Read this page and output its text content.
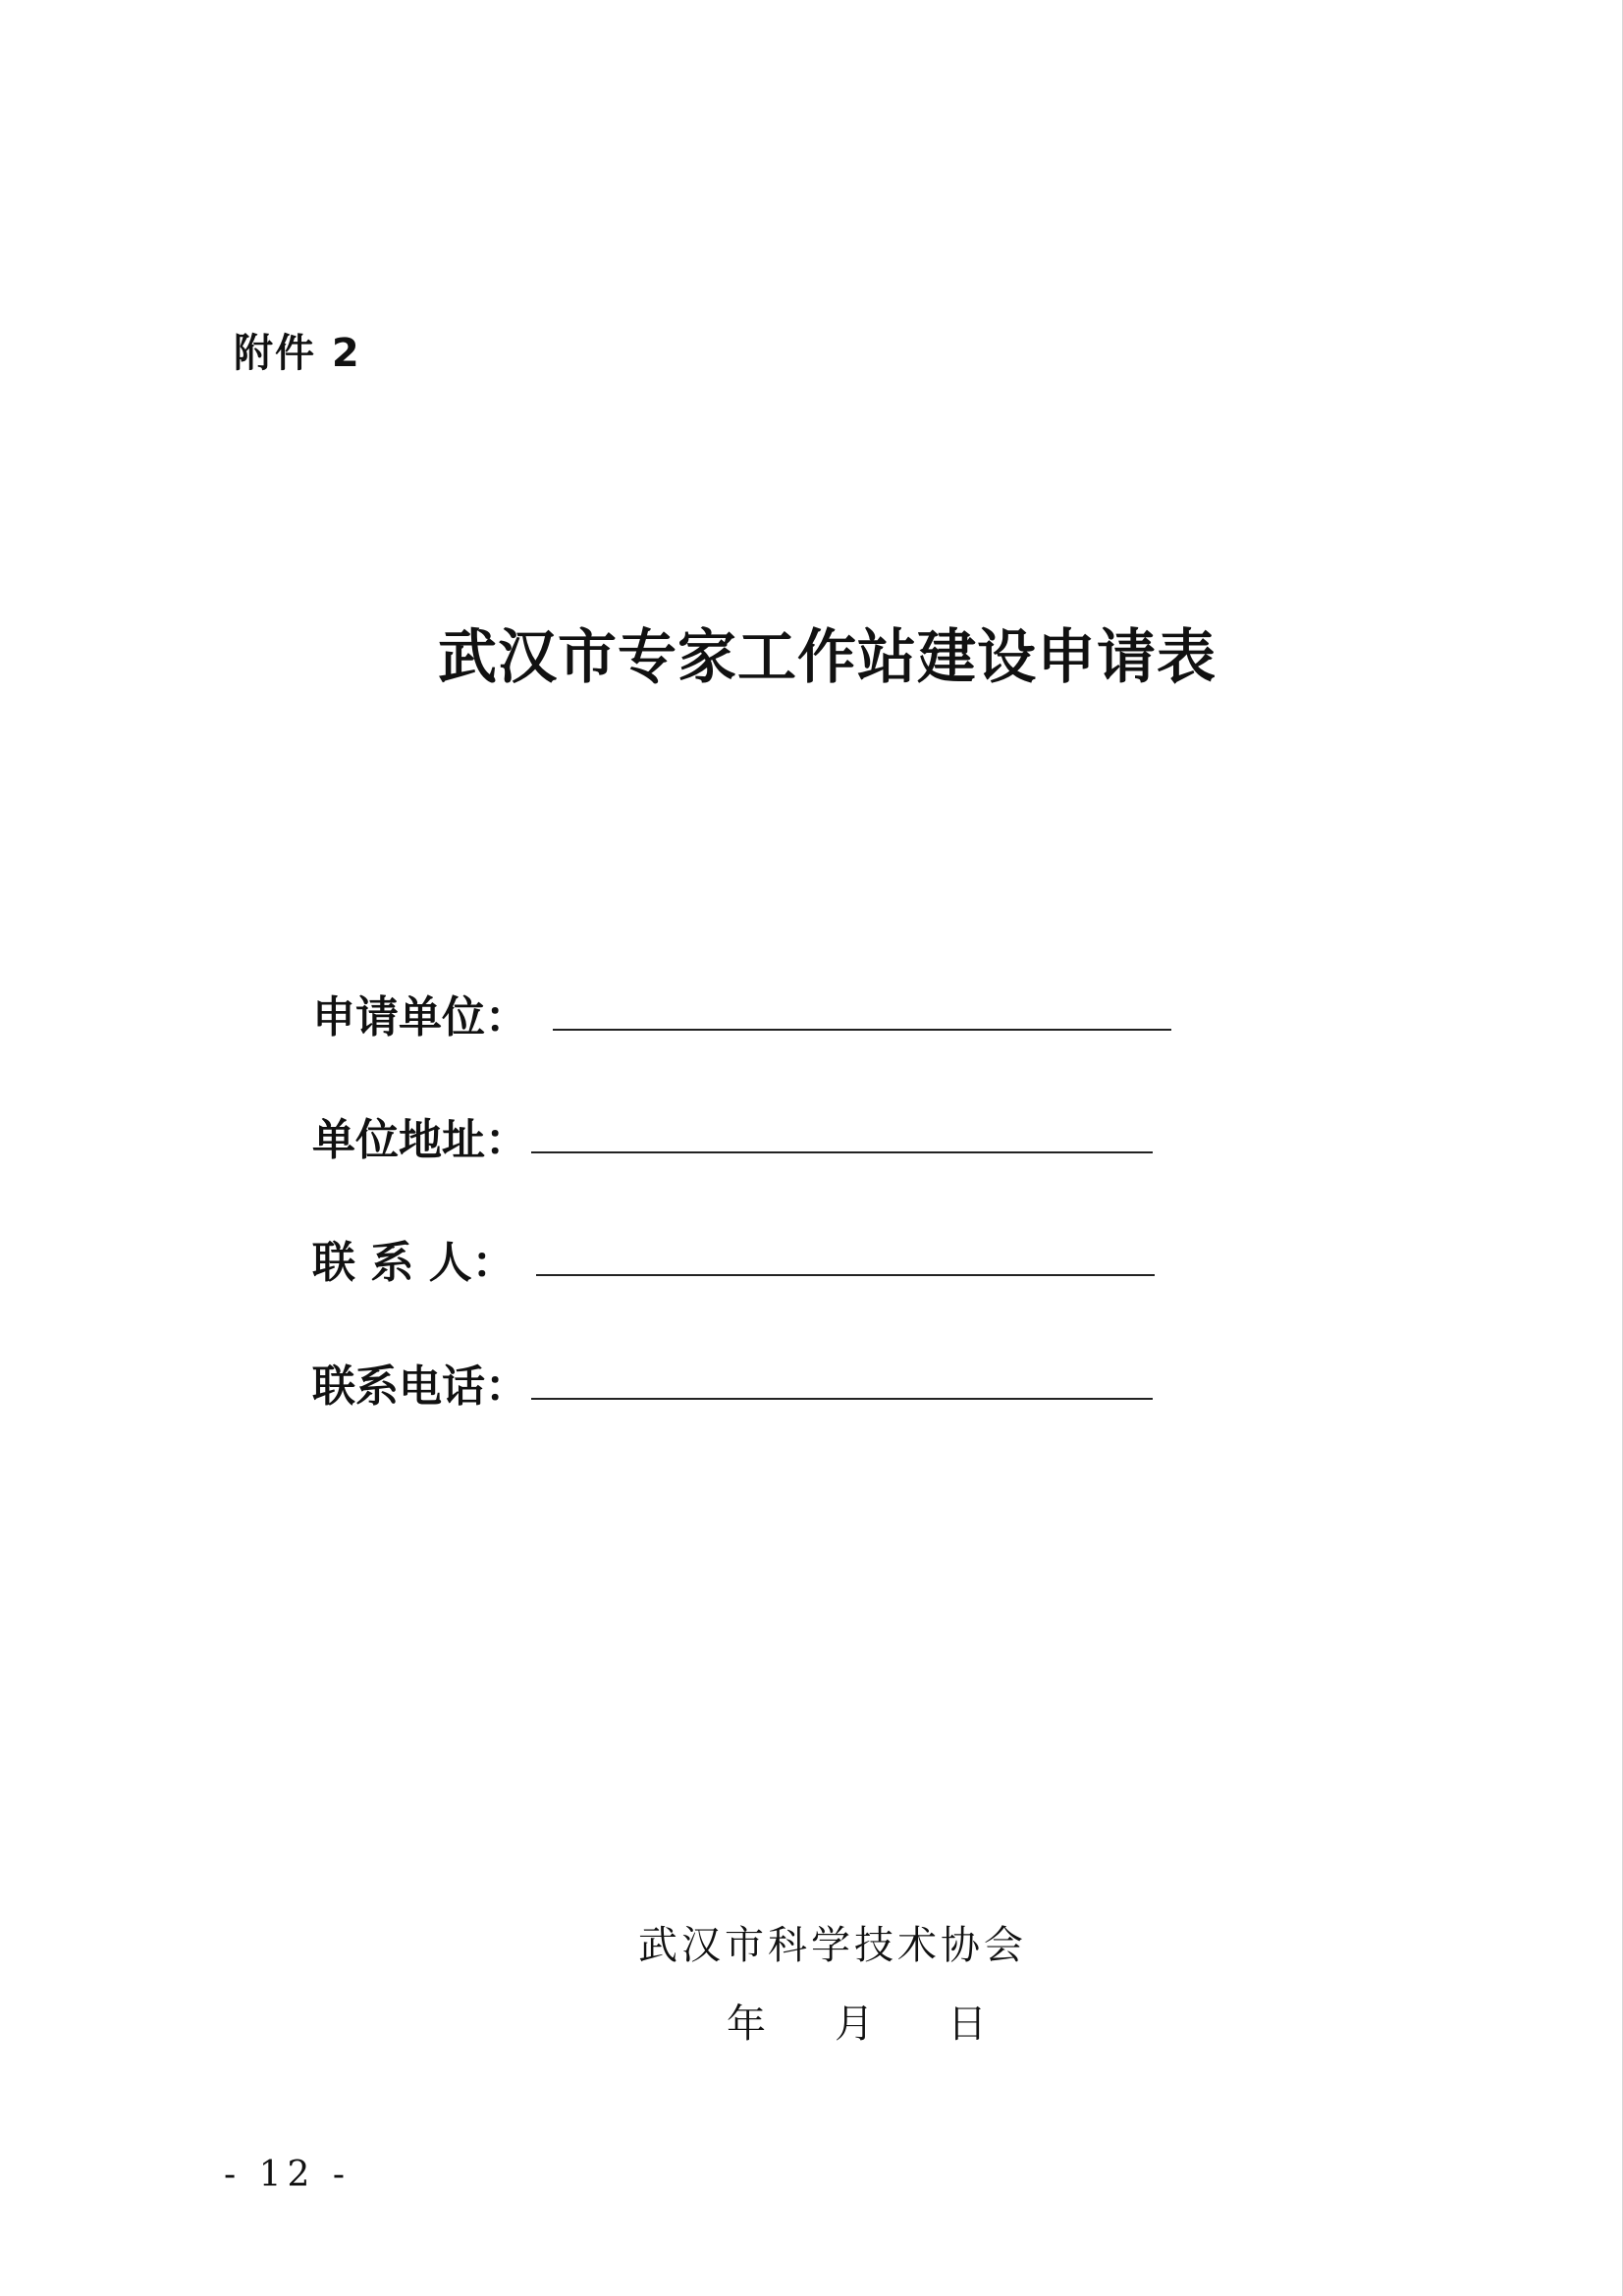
附件 2
武汉市专家工作站建设申请表
申请单位：
单位地址：
联 系 人：
联系电话：
武汉市科学技术协会
年 月 日
- 12 -
